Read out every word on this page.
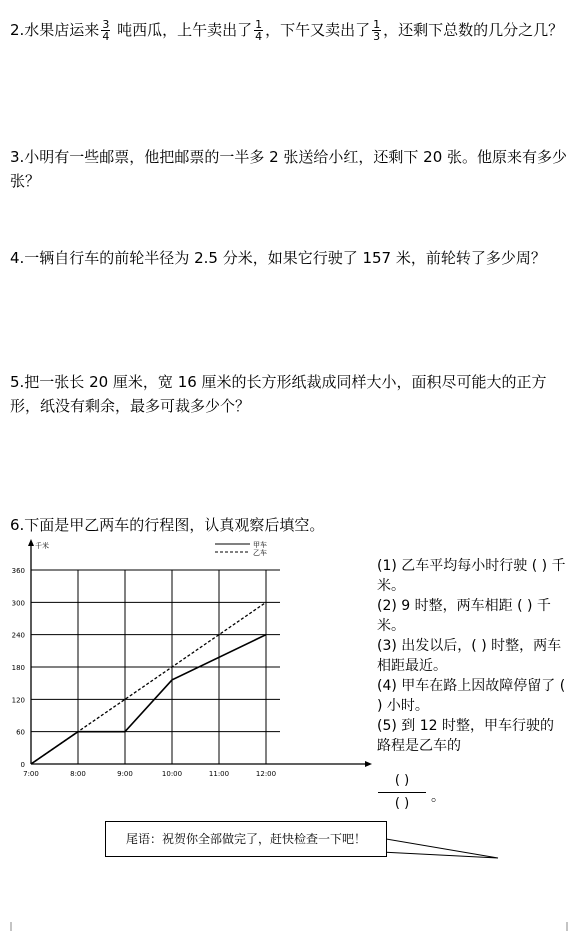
2.水果店运来 $\frac{3}{4}$ 吨西瓜，上午卖出了 $\frac{1}{4}$ ，下午又卖出了 $\frac{1}{3}$ ，还剩下总数的几分之几？
3.小明有一些邮票，他把邮票的一半多 2 张送给小红，还剩下 20 张。他原来有多少张？
4.一辆自行车的前轮半径为 2.5 分米，如果它行驶了 157 米，前轮转了多少周？
5.把一张长 20 厘米，宽 16 厘米的长方形纸裁成同样大小，面积尽可能大的正方形，纸没有剩余，最多可裁多少个？
6.下面是甲乙两车的行程图，认真观察后填空。
千米
0
60
120
180
240
300
360
7:00	8:00	9:00	10:00	11:00	12:00
甲车
乙车

(1) 乙车平均每小时行驶 ( ) 千米。

(2) 9 时整，两车相距 ( ) 千米。

(3) 出发以后，( ) 时整，两车相距最近。

(4) 甲车在路上因故障停留了 ( ) 小时。

(5) 到 12 时整，甲车行驶的路程是乙车的

( )
( )	。
尾语：祝贺你全部做完了，赶快检查一下吧！
